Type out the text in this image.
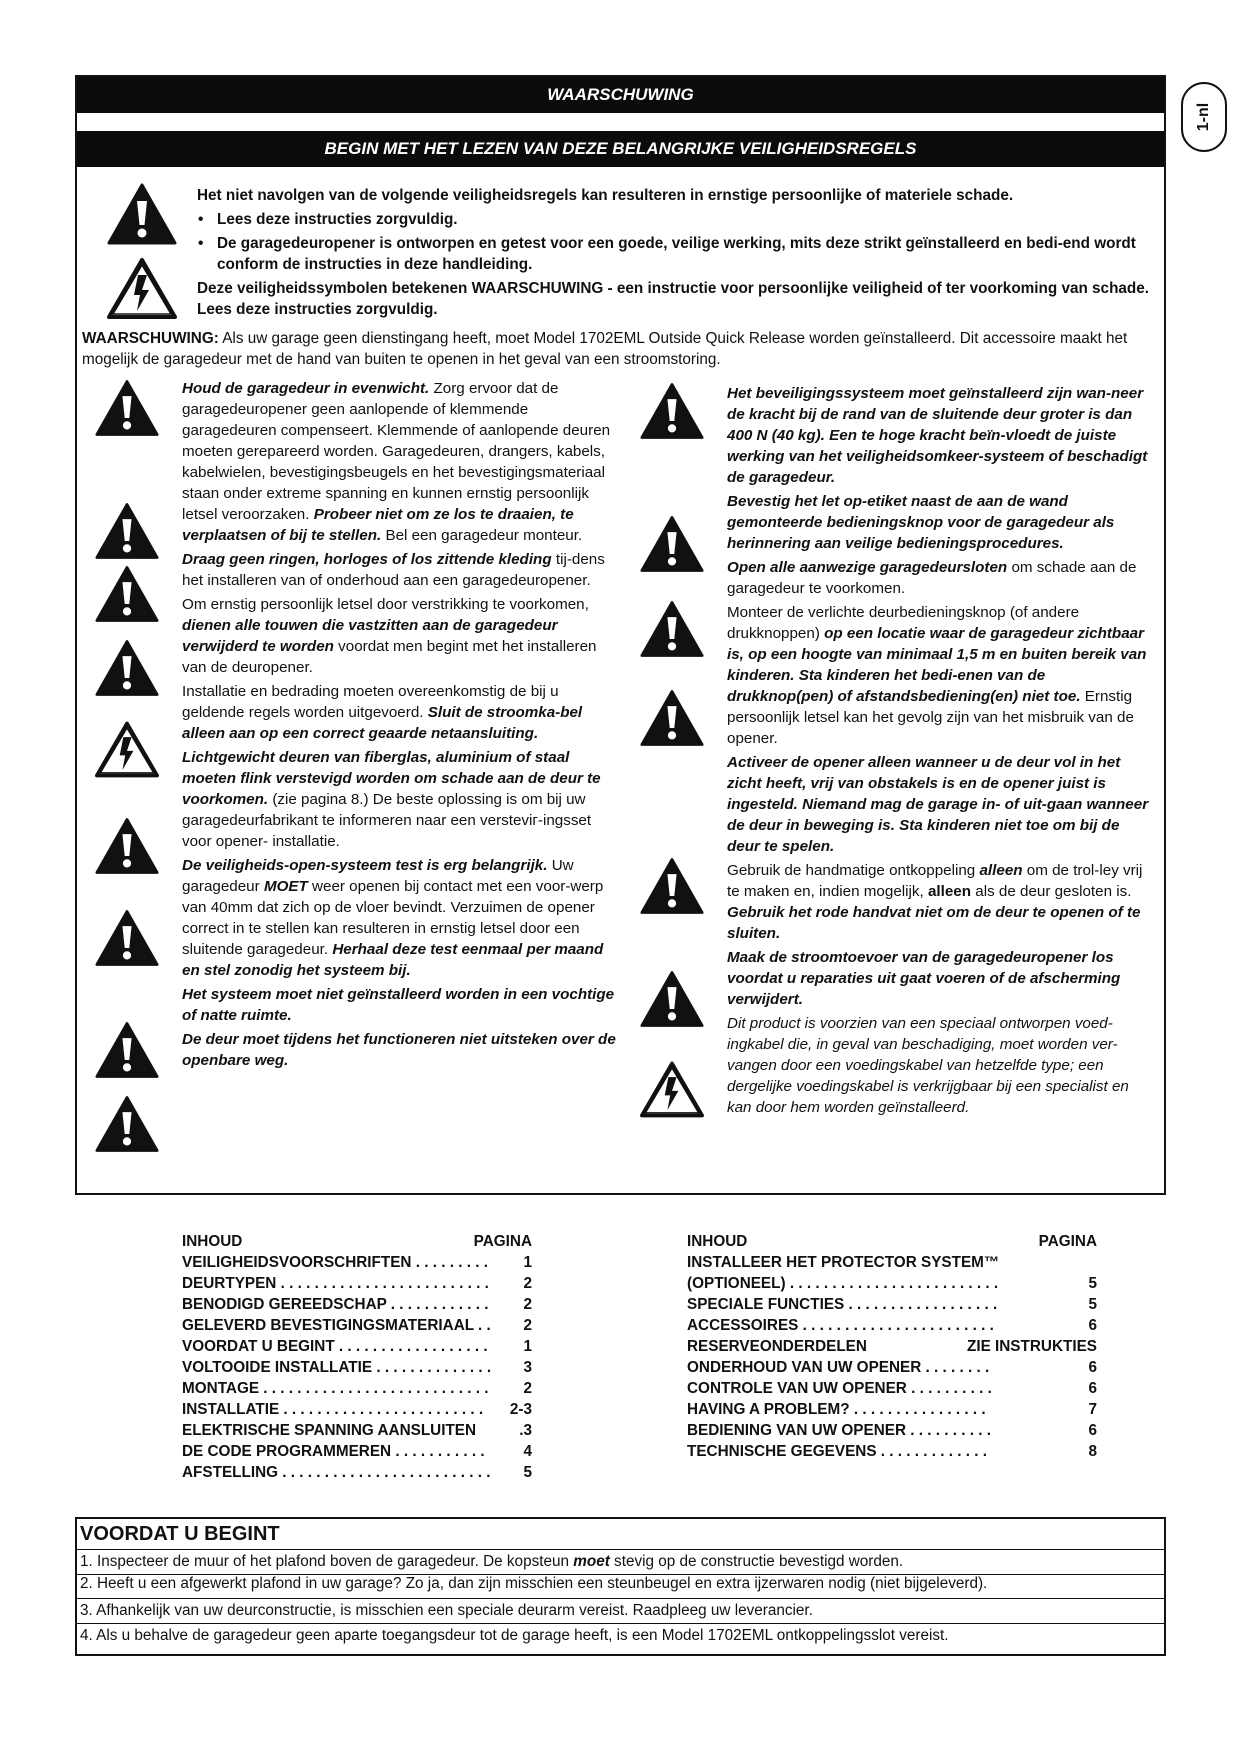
WAARSCHUWING
BEGIN MET HET LEZEN VAN DEZE BELANGRIJKE VEILIGHEIDSREGELS

Het niet navolgen van de volgende veiligheidsregels kan resulteren in ernstige persoonlijke of materiele schade.

• Lees deze instructies zorgvuldig.

• De garagedeuropener is ontworpen en getest voor een goede, veilige werking, mits deze strikt geïnstalleerd en bedi-end wordt conform de instructies in deze handleiding.

Deze veiligheidssymbolen betekenen WAARSCHUWING - een instructie voor persoonlijke veiligheid of ter voorkoming van schade. Lees deze instructies zorgvuldig.

WAARSCHUWING: Als uw garage geen dienstingang heeft, moet Model 1702EML Outside Quick Release worden geïnstalleerd. Dit accessoire maakt het mogelijk de garagedeur met de hand van buiten te openen in het geval van een stroomstoring.

Houd de garagedeur in evenwicht. Zorg ervoor dat de garagedeuropener geen aanlopende of klemmende garagedeuren compenseert. Klemmende of aanlopende deuren moeten gerepareerd worden. Garagedeuren, drangers, kabels, kabelwielen, bevestigingsbeugels en het bevestigingsmateriaal staan onder extreme spanning en kunnen ernstig persoonlijk letsel veroorzaken. Probeer niet om ze los te draaien, te verplaatsen of bij te stellen. Bel een garagedeur monteur.

Draag geen ringen, horloges of los zittende kleding tij-dens het installeren van of onderhoud aan een garagedeuropener.

Om ernstig persoonlijk letsel door verstrikking te voorkomen, dienen alle touwen die vastzitten aan de garagedeur verwijderd te worden voordat men begint met het installeren van de deuropener.

Installatie en bedrading moeten overeenkomstig de bij u geldende regels worden uitgevoerd. Sluit de stroomka-bel alleen aan op een correct geaarde netaansluiting.

Lichtgewicht deuren van fiberglas, aluminium of staal moeten flink verstevigd worden om schade aan de deur te voorkomen. (zie pagina 8.) De beste oplossing is om bij uw garagedeurfabrikant te informeren naar een versteviг-ingsset voor opener- installatie.

De veiligheids-open-systeem test is erg belangrijk. Uw garagedeur MOET weer openen bij contact met een voor-werp van 40mm dat zich op de vloer bevindt. Verzuimen de opener correct in te stellen kan resulteren in ernstig letsel door een sluitende garagedeur. Herhaal deze test eenmaal per maand en stel zonodig het systeem bij.

Het systeem moet niet geïnstalleerd worden in een vochtige of natte ruimte.

De deur moet tijdens het functioneren niet uitsteken over de openbare weg.

Het beveiligingssysteem moet geïnstalleerd zijn wan-neer de kracht bij de rand van de sluitende deur groter is dan 400 N (40 kg). Een te hoge kracht beïn-vloedt de juiste werking van het veiligheidsomkeer-systeem of beschadigt de garagedeur.

Bevestig het let op-etiket naast de aan de wand gemonteerde bedieningsknop voor de garagedeur als herinnering aan veilige bedieningsprocedures.

Open alle aanwezige garagedeursloten om schade aan de garagedeur te voorkomen.

Monteer de verlichte deurbedieningsknop (of andere drukknoppen) op een locatie waar de garagedeur zichtbaar is, op een hoogte van minimaal 1,5 m en buiten bereik van kinderen. Sta kinderen het bedi-enen van de drukknop(pen) of afstandsbediening(en) niet toe. Ernstig persoonlijk letsel kan het gevolg zijn van het misbruik van de opener.

Activeer de opener alleen wanneer u de deur vol in het zicht heeft, vrij van obstakels is en de opener juist is ingesteld. Niemand mag de garage in- of uit-gaan wanneer de deur in beweging is. Sta kinderen niet toe om bij de deur te spelen.

Gebruik de handmatige ontkoppeling alleen om de trol-ley vrij te maken en, indien mogelijk, alleen als de deur gesloten is. Gebruik het rode handvat niet om de deur te openen of te sluiten.

Maak de stroomtoevoer van de garagedeuropener los voordat u reparaties uit gaat voeren of de afscherming verwijdert.

Dit product is voorzien van een speciaal ontworpen voed-ingkabel die, in geval van beschadiging, moet worden ver-vangen door een voedingskabel van hetzelfde type; een dergelijke voedingskabel is verkrijgbaar bij een specialist en kan door hem worden geïnstalleerd.

1-nl
INHOUD	PAGINA
VEILIGHEIDSVOORSCHRIFTEN . . . . . . . . . 1
DEURTYPEN . . . . . . . . . . . . . . . . . . . . . . . . . 2
BENODIGD GEREEDSCHAP . . . . . . . . . . . . 2
GELEVERD BEVESTIGINGSMATERIAAL . . 2
VOORDAT U BEGINT . . . . . . . . . . . . . . . . . . 1
VOLTOOIDE INSTALLATIE . . . . . . . . . . . . . . 3
MONTAGE . . . . . . . . . . . . . . . . . . . . . . . . . . . 2
INSTALLATIE . . . . . . . . . . . . . . . . . . . . . . . . 2-3
ELEKTRISCHE SPANNING AANSLUITEN	.3
DE CODE PROGRAMMEREN . . . . . . . . . . .	4
AFSTELLING . . . . . . . . . . . . . . . . . . . . . . . . . 5
INHOUD	PAGINA
INSTALLEER HET PROTECTOR SYSTEM™
(OPTIONEEL) . . . . . . . . . . . . . . . . . . . . . . . . .	5
SPECIALE FUNCTIES . . . . . . . . . . . . . . . . . .	5
ACCESSOIRES . . . . . . . . . . . . . . . . . . . . . . .	6
RESERVEONDERDELEN	ZIE INSTRUKTIES
ONDERHOUD VAN UW OPENER . . . . . . . .	6
CONTROLE VAN UW OPENER . . . . . . . . . .	6
HAVING A PROBLEM? . . . . . . . . . . . . . . . .	7
BEDIENING VAN UW OPENER . . . . . . . . . .	6
TECHNISCHE GEGEVENS . . . . . . . . . . . . .	8
VOORDAT U BEGINT
1. Inspecteer de muur of het plafond boven de garagedeur. De kopsteun moet stevig op de constructie bevestigd worden.
2. Heeft u een afgewerkt plafond in uw garage? Zo ja, dan zijn misschien een steunbeugel en extra ijzerwaren nodig (niet bijgeleverd).
3. Afhankelijk van uw deurconstructie, is misschien een speciale deurarm vereist. Raadpleeg uw leverancier.
4. Als u behalve de garagedeur geen aparte toegangsdeur tot de garage heeft, is een Model 1702EML ontkoppelingsslot vereist.
